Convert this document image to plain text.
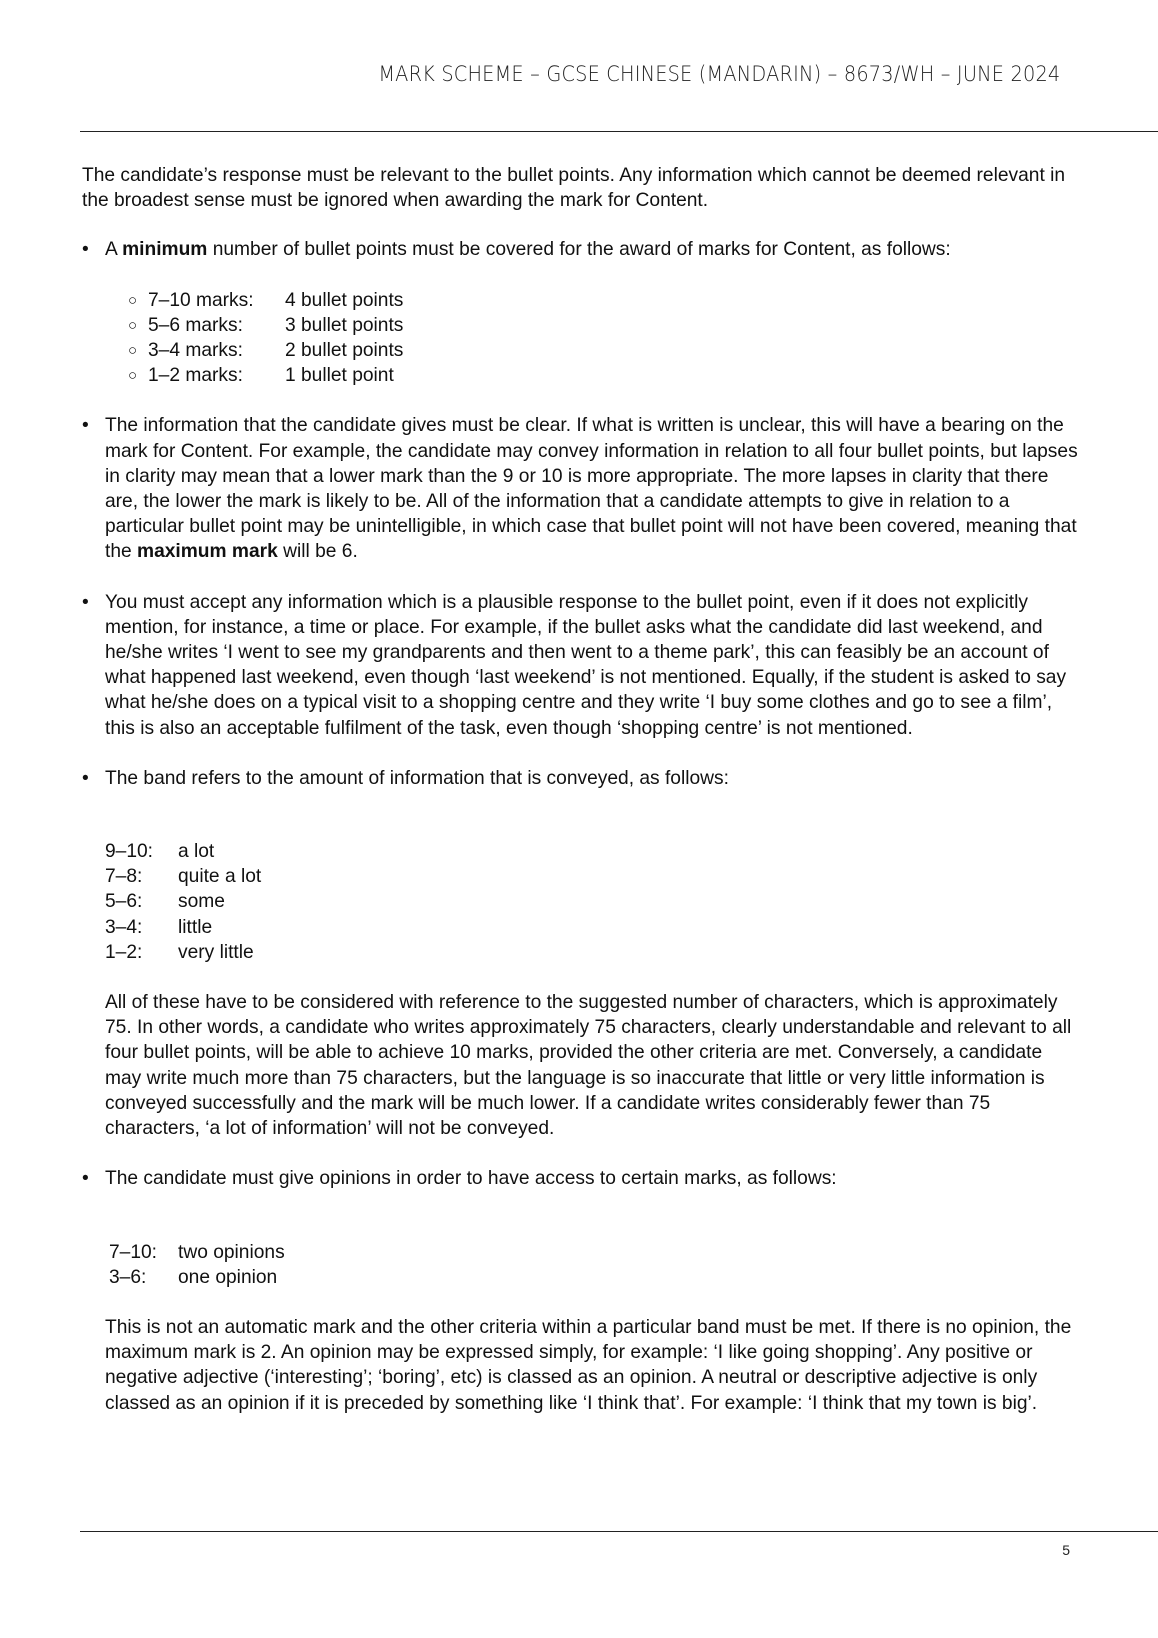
MARK SCHEME – GCSE CHINESE (MANDARIN) – 8673/WH – JUNE 2024

The candidate’s response must be relevant to the bullet points. Any information which cannot be deemed relevant in the broadest sense must be ignored when awarding the mark for Content.

• A minimum number of bullet points must be covered for the award of marks for Content, as follows:

○ 7–10 marks:	4 bullet points
○ 5–6 marks:	3 bullet points
○ 3–4 marks:	2 bullet points
○ 1–2 marks:	1 bullet point
• The information that the candidate gives must be clear. If what is written is unclear, this will have a bearing on the mark for Content. For example, the candidate may convey information in relation to all four bullet points, but lapses in clarity may mean that a lower mark than the 9 or 10 is more appropriate. The more lapses in clarity that there are, the lower the mark is likely to be. All of the information that a candidate attempts to give in relation to a particular bullet point may be unintelligible, in which case that bullet point will not have been covered, meaning that the maximum mark will be 6.

• You must accept any information which is a plausible response to the bullet point, even if it does not explicitly mention, for instance, a time or place. For example, if the bullet asks what the candidate did last weekend, and he/she writes ‘I went to see my grandparents and then went to a theme park’, this can feasibly be an account of what happened last weekend, even though ‘last weekend’ is not mentioned. Equally, if the student is asked to say what he/she does on a typical visit to a shopping centre and they write ‘I buy some clothes and go to see a film’, this is also an acceptable fulfilment of the task, even though ‘shopping centre’ is not mentioned.

• The band refers to the amount of information that is conveyed, as follows:

9–10:	a lot
7–8:	quite a lot
5–6:	some
3–4:	little
1–2:	very little

All of these have to be considered with reference to the suggested number of characters, which is approximately 75. In other words, a candidate who writes approximately 75 characters, clearly understandable and relevant to all four bullet points, will be able to achieve 10 marks, provided the other criteria are met. Conversely, a candidate may write much more than 75 characters, but the language is so inaccurate that little or very little information is conveyed successfully and the mark will be much lower. If a candidate writes considerably fewer than 75 characters, ‘a lot of information’ will not be conveyed.

• The candidate must give opinions in order to have access to certain marks, as follows:

7–10:	two opinions
3–6:	one opinion

This is not an automatic mark and the other criteria within a particular band must be met. If there is no opinion, the maximum mark is 2. An opinion may be expressed simply, for example: ‘I like going shopping’. Any positive or negative adjective (‘interesting’; ‘boring’, etc) is classed as an opinion. A neutral or descriptive adjective is only classed as an opinion if it is preceded by something like ‘I think that’. For example: ‘I think that my town is big’.

5
